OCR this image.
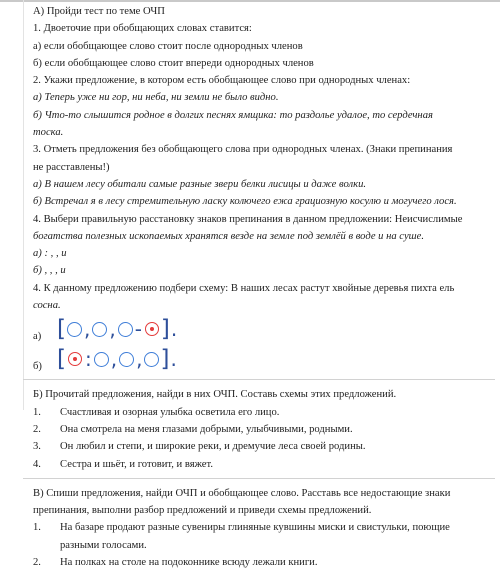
А) Пройди тест по теме ОЧП
1. Двоеточие при обобщающих словах ставится:
а) если обобщающее слово стоит после однородных членов
б) если обобщающее слово стоит впереди однородных членов
2. Укажи предложение, в котором есть обобщающее слово при однородных членах:
а) Теперь уже ни гор, ни неба, ни земли не было видно.
б) Что-то слышится родное в долгих песнях ямщика: то раздолье удалое, то сердечная
тоска.
3. Отметь предложения без обобщающего слова при однородных членах. (Знаки препинания
не расставлены!)
а) В нашем лесу обитали самые разные звери белки лисицы и даже волки.
б) Встречал я в лесу стремительную ласку колючего ежа грациозную косулю и могучего лося.
4. Выбери правильную расстановку знаков препинания в данном предложении: Неисчислимые
богатства полезных ископаемых хранятся везде на земле под землёй в воде и на суше.
а) : , , и
б) , , , и
4. К данному предложению подбери схему: В наших лесах растут хвойные деревья пихта ель
сосна.
а) [ , , - ] .
б) [ : , , ] .
Б) Прочитай предложения, найди в них ОЧП. Составь схемы этих предложений.
1. Счастливая и озорная улыбка осветила его лицо.
2. Она смотрела на меня глазами добрыми, улыбчивыми, родными.
3. Он любил и степи, и широкие реки, и дремучие леса своей родины.
4. Сестра и шьёт, и готовит, и вяжет.
В) Спиши предложения, найди ОЧП и обобщающее слово. Расставь все недостающие знаки
препинания, выполни разбор предложений и приведи схемы предложений.
1. На базаре продают разные сувениры глиняные кувшины миски и свистульки, поющие
разными голосами.
2. На полках на столе на подоконнике всюду лежали книги.
